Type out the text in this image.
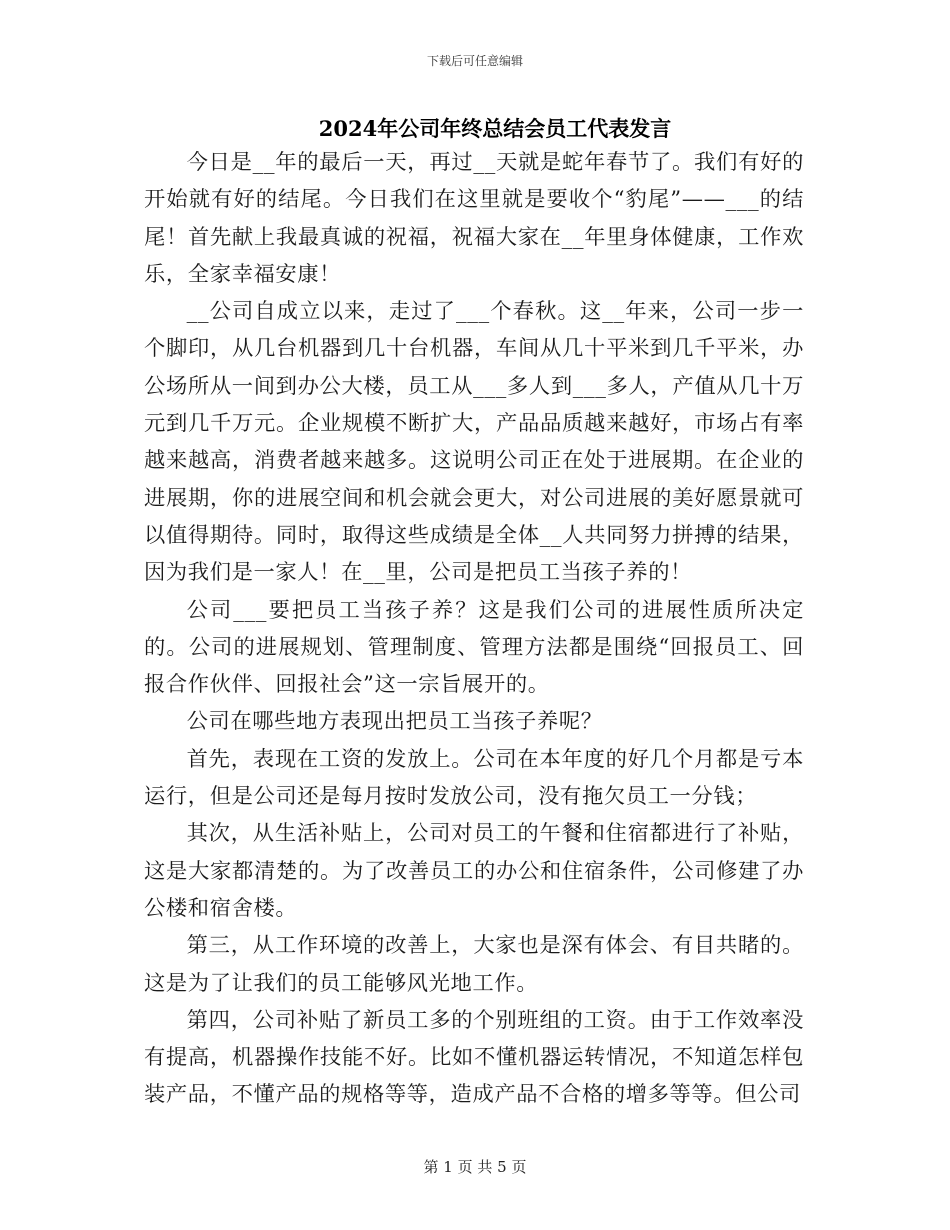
下载后可任意编辑
2024年公司年终总结会员工代表发言

今日是__年的最后一天，再过__天就是蛇年春节了。我们有好的开始就有好的结尾。今日我们在这里就是要收个“豹尾”——___的结尾！首先献上我最真诚的祝福，祝福大家在__年里身体健康，工作欢乐，全家幸福安康！

__公司自成立以来，走过了___个春秋。这__年来，公司一步一个脚印，从几台机器到几十台机器，车间从几十平米到几千平米，办公场所从一间到办公大楼，员工从___多人到___多人，产值从几十万元到几千万元。企业规模不断扩大，产品品质越来越好，市场占有率越来越高，消费者越来越多。这说明公司正在处于进展期。在企业的进展期，你的进展空间和机会就会更大，对公司进展的美好愿景就可以值得期待。同时，取得这些成绩是全体__人共同努力拼搏的结果，因为我们是一家人！在__里，公司是把员工当孩子养的！

公司___要把员工当孩子养？这是我们公司的进展性质所决定的。公司的进展规划、管理制度、管理方法都是围绕“回报员工、回报合作伙伴、回报社会”这一宗旨展开的。

公司在哪些地方表现出把员工当孩子养呢？

首先，表现在工资的发放上。公司在本年度的好几个月都是亏本运行，但是公司还是每月按时发放公司，没有拖欠员工一分钱；

其次，从生活补贴上，公司对员工的午餐和住宿都进行了补贴，这是大家都清楚的。为了改善员工的办公和住宿条件，公司修建了办公楼和宿舍楼。

第三，从工作环境的改善上，大家也是深有体会、有目共睹的。这是为了让我们的员工能够风光地工作。

第四，公司补贴了新员工多的个别班组的工资。由于工作效率没有提高，机器操作技能不好。比如不懂机器运转情况，不知道怎样包装产品，不懂产品的规格等等，造成产品不合格的增多等等。但公司

第 1 页 共 5 页
